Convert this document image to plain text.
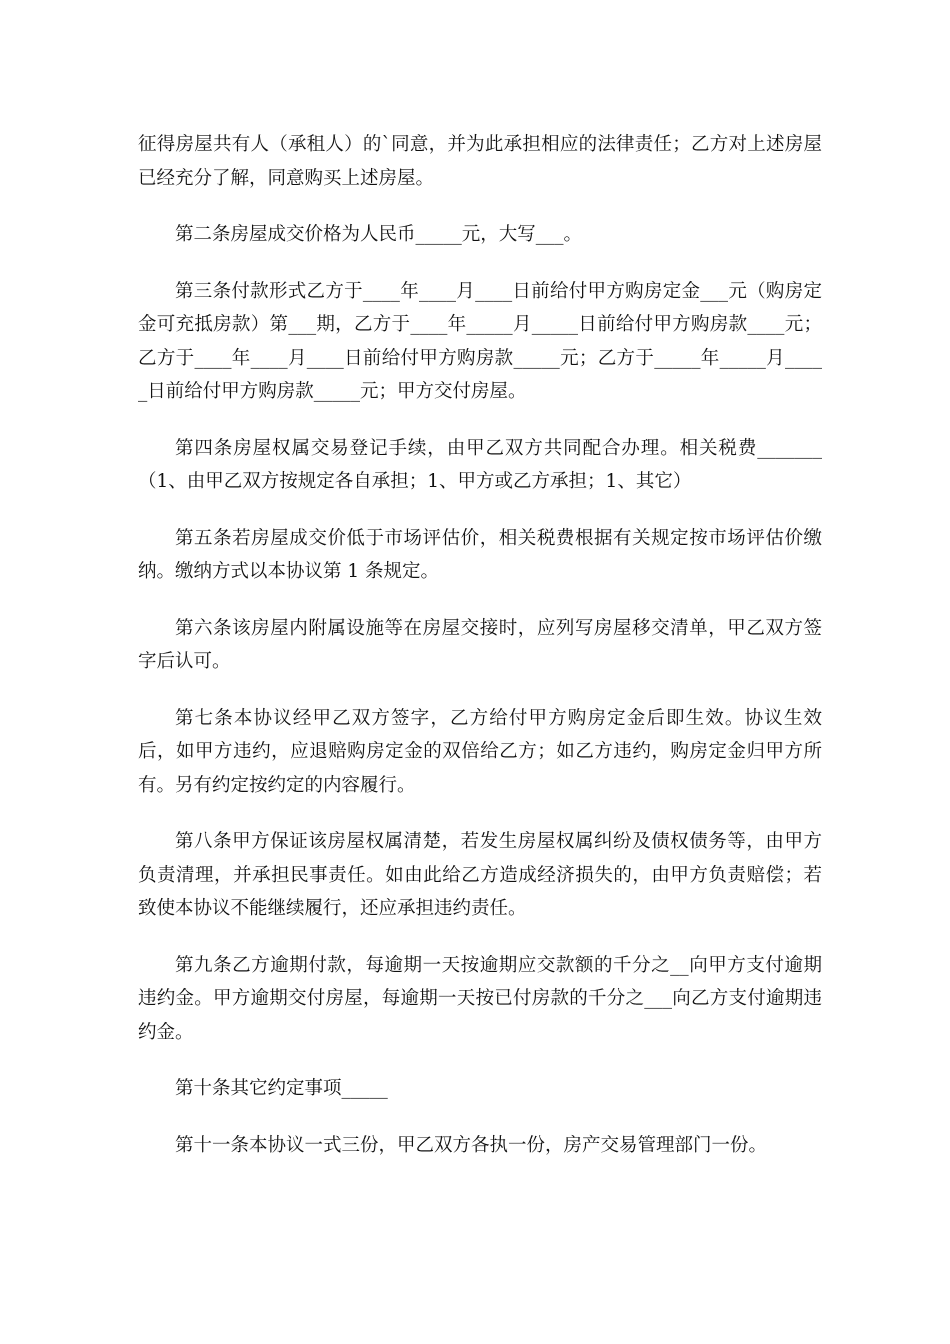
征得房屋共有人（承租人）的`同意，并为此承担相应的法律责任；乙方对上述房屋已经充分了解，同意购买上述房屋。

第二条房屋成交价格为人民币_____元，大写___。

第三条付款形式乙方于____年____月____日前给付甲方购房定金___元（购房定金可充抵房款）第___期，乙方于____年_____月_____日前给付甲方购房款____元；乙方于____年____月____日前给付甲方购房款_____元；乙方于_____年_____月_____日前给付甲方购房款_____元；甲方交付房屋。

第四条房屋权属交易登记手续，由甲乙双方共同配合办理。相关税费_______（1、由甲乙双方按规定各自承担；1、甲方或乙方承担；1、其它）

第五条若房屋成交价低于市场评估价，相关税费根据有关规定按市场评估价缴纳。缴纳方式以本协议第 1 条规定。

第六条该房屋内附属设施等在房屋交接时，应列写房屋移交清单，甲乙双方签字后认可。

第七条本协议经甲乙双方签字，乙方给付甲方购房定金后即生效。协议生效后，如甲方违约，应退赔购房定金的双倍给乙方；如乙方违约，购房定金归甲方所有。另有约定按约定的内容履行。

第八条甲方保证该房屋权属清楚，若发生房屋权属纠纷及债权债务等，由甲方负责清理，并承担民事责任。如由此给乙方造成经济损失的，由甲方负责赔偿；若致使本协议不能继续履行，还应承担违约责任。

第九条乙方逾期付款，每逾期一天按逾期应交款额的千分之__向甲方支付逾期违约金。甲方逾期交付房屋，每逾期一天按已付房款的千分之___向乙方支付逾期违约金。

第十条其它约定事项_____

第十一条本协议一式三份，甲乙双方各执一份，房产交易管理部门一份。
